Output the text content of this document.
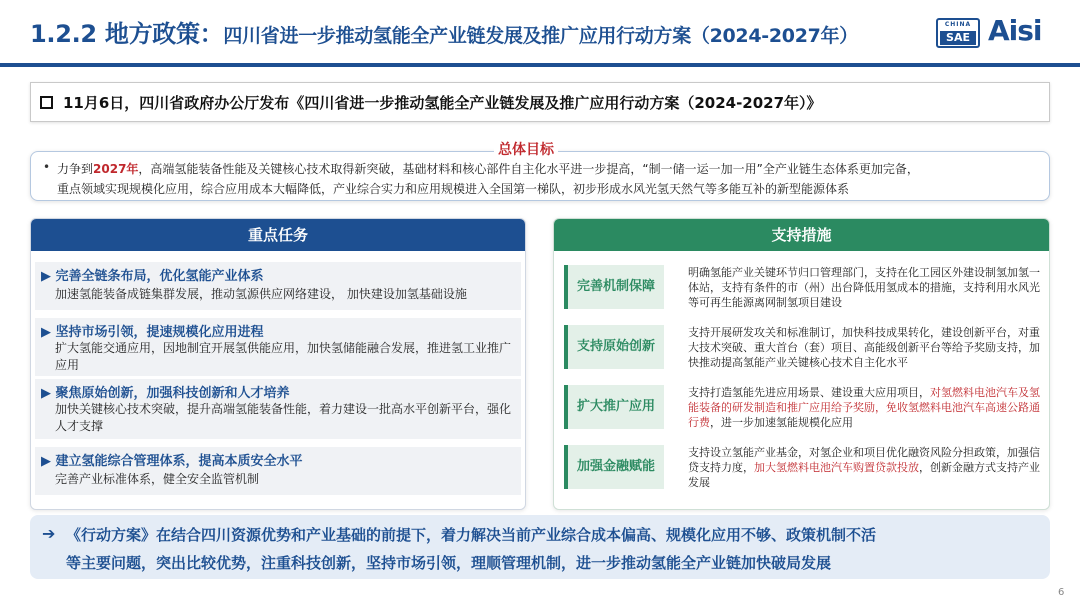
1.2.2 地方政策：四川省进一步推动氢能全产业链发展及推广应用行动方案（2024-2027年）
CHINA
SAE Aisi
11月6日，四川省政府办公厅发布《四川省进一步推动氢能全产业链发展及推广应用行动方案（2024-2027年）》
• 力争到2027年，高端氢能装备性能及关键核心技术取得新突破，基础材料和核心部件自主化水平进一步提高，“制一储一运一加一用”全产业链生态体系更加完备，
重点领域实现规模化应用，综合应用成本大幅降低，产业综合实力和应用规模进入全国第一梯队，初步形成水风光氢天然气等多能互补的新型能源体系
总体目标
重点任务
▶ 完善全链条布局，优化氢能产业体系
加速氢能装备成链集群发展，推动氢源供应网络建设， 加快建设加氢基础设施
▶ 坚持市场引领，提速规模化应用进程
扩大氢能交通应用，因地制宜开展氢供能应用，加快氢储能融合发展，推进氢工业推广应用
▶ 聚焦原始创新，加强科技创新和人才培养
加快关键核心技术突破，提升高端氢能装备性能，着力建设一批高水平创新平台，强化人才支撑
▶ 建立氢能综合管理体系，提高本质安全水平
完善产业标准体系，健全安全监管机制
支持措施
完善机制保障
明确氢能产业关键环节归口管理部门，支持在化工园区外建设制氢加氢一体站，支持有条件的市（州）出台降低用氢成本的措施，支持利用水风光等可再生能源离网制氢项目建设
支持原始创新
支持开展研发攻关和标准制订，加快科技成果转化，建设创新平台，对重大技术突破、重大首台（套）项目、高能级创新平台等给予奖励支持，加快推动提高氢能产业关键核心技术自主化水平
扩大推广应用
支持打造氢能先进应用场景、建设重大应用项目，对氢燃料电池汽车及氢能装备的研发制造和推广应用给予奖励，免收氢燃料电池汽车高速公路通行费，进一步加速氢能规模化应用
加强金融赋能
支持设立氢能产业基金，对氢企业和项目优化融资风险分担政策，加强信贷支持力度，加大氢燃料电池汽车购置贷款投放，创新金融方式支持产业发展
➔ 《行动方案》在结合四川资源优势和产业基础的前提下，着力解决当前产业综合成本偏高、规模化应用不够、政策机制不活
等主要问题，突出比较优势，注重科技创新，坚持市场引领，理顺管理机制，进一步推动氢能全产业链加快破局发展
6
